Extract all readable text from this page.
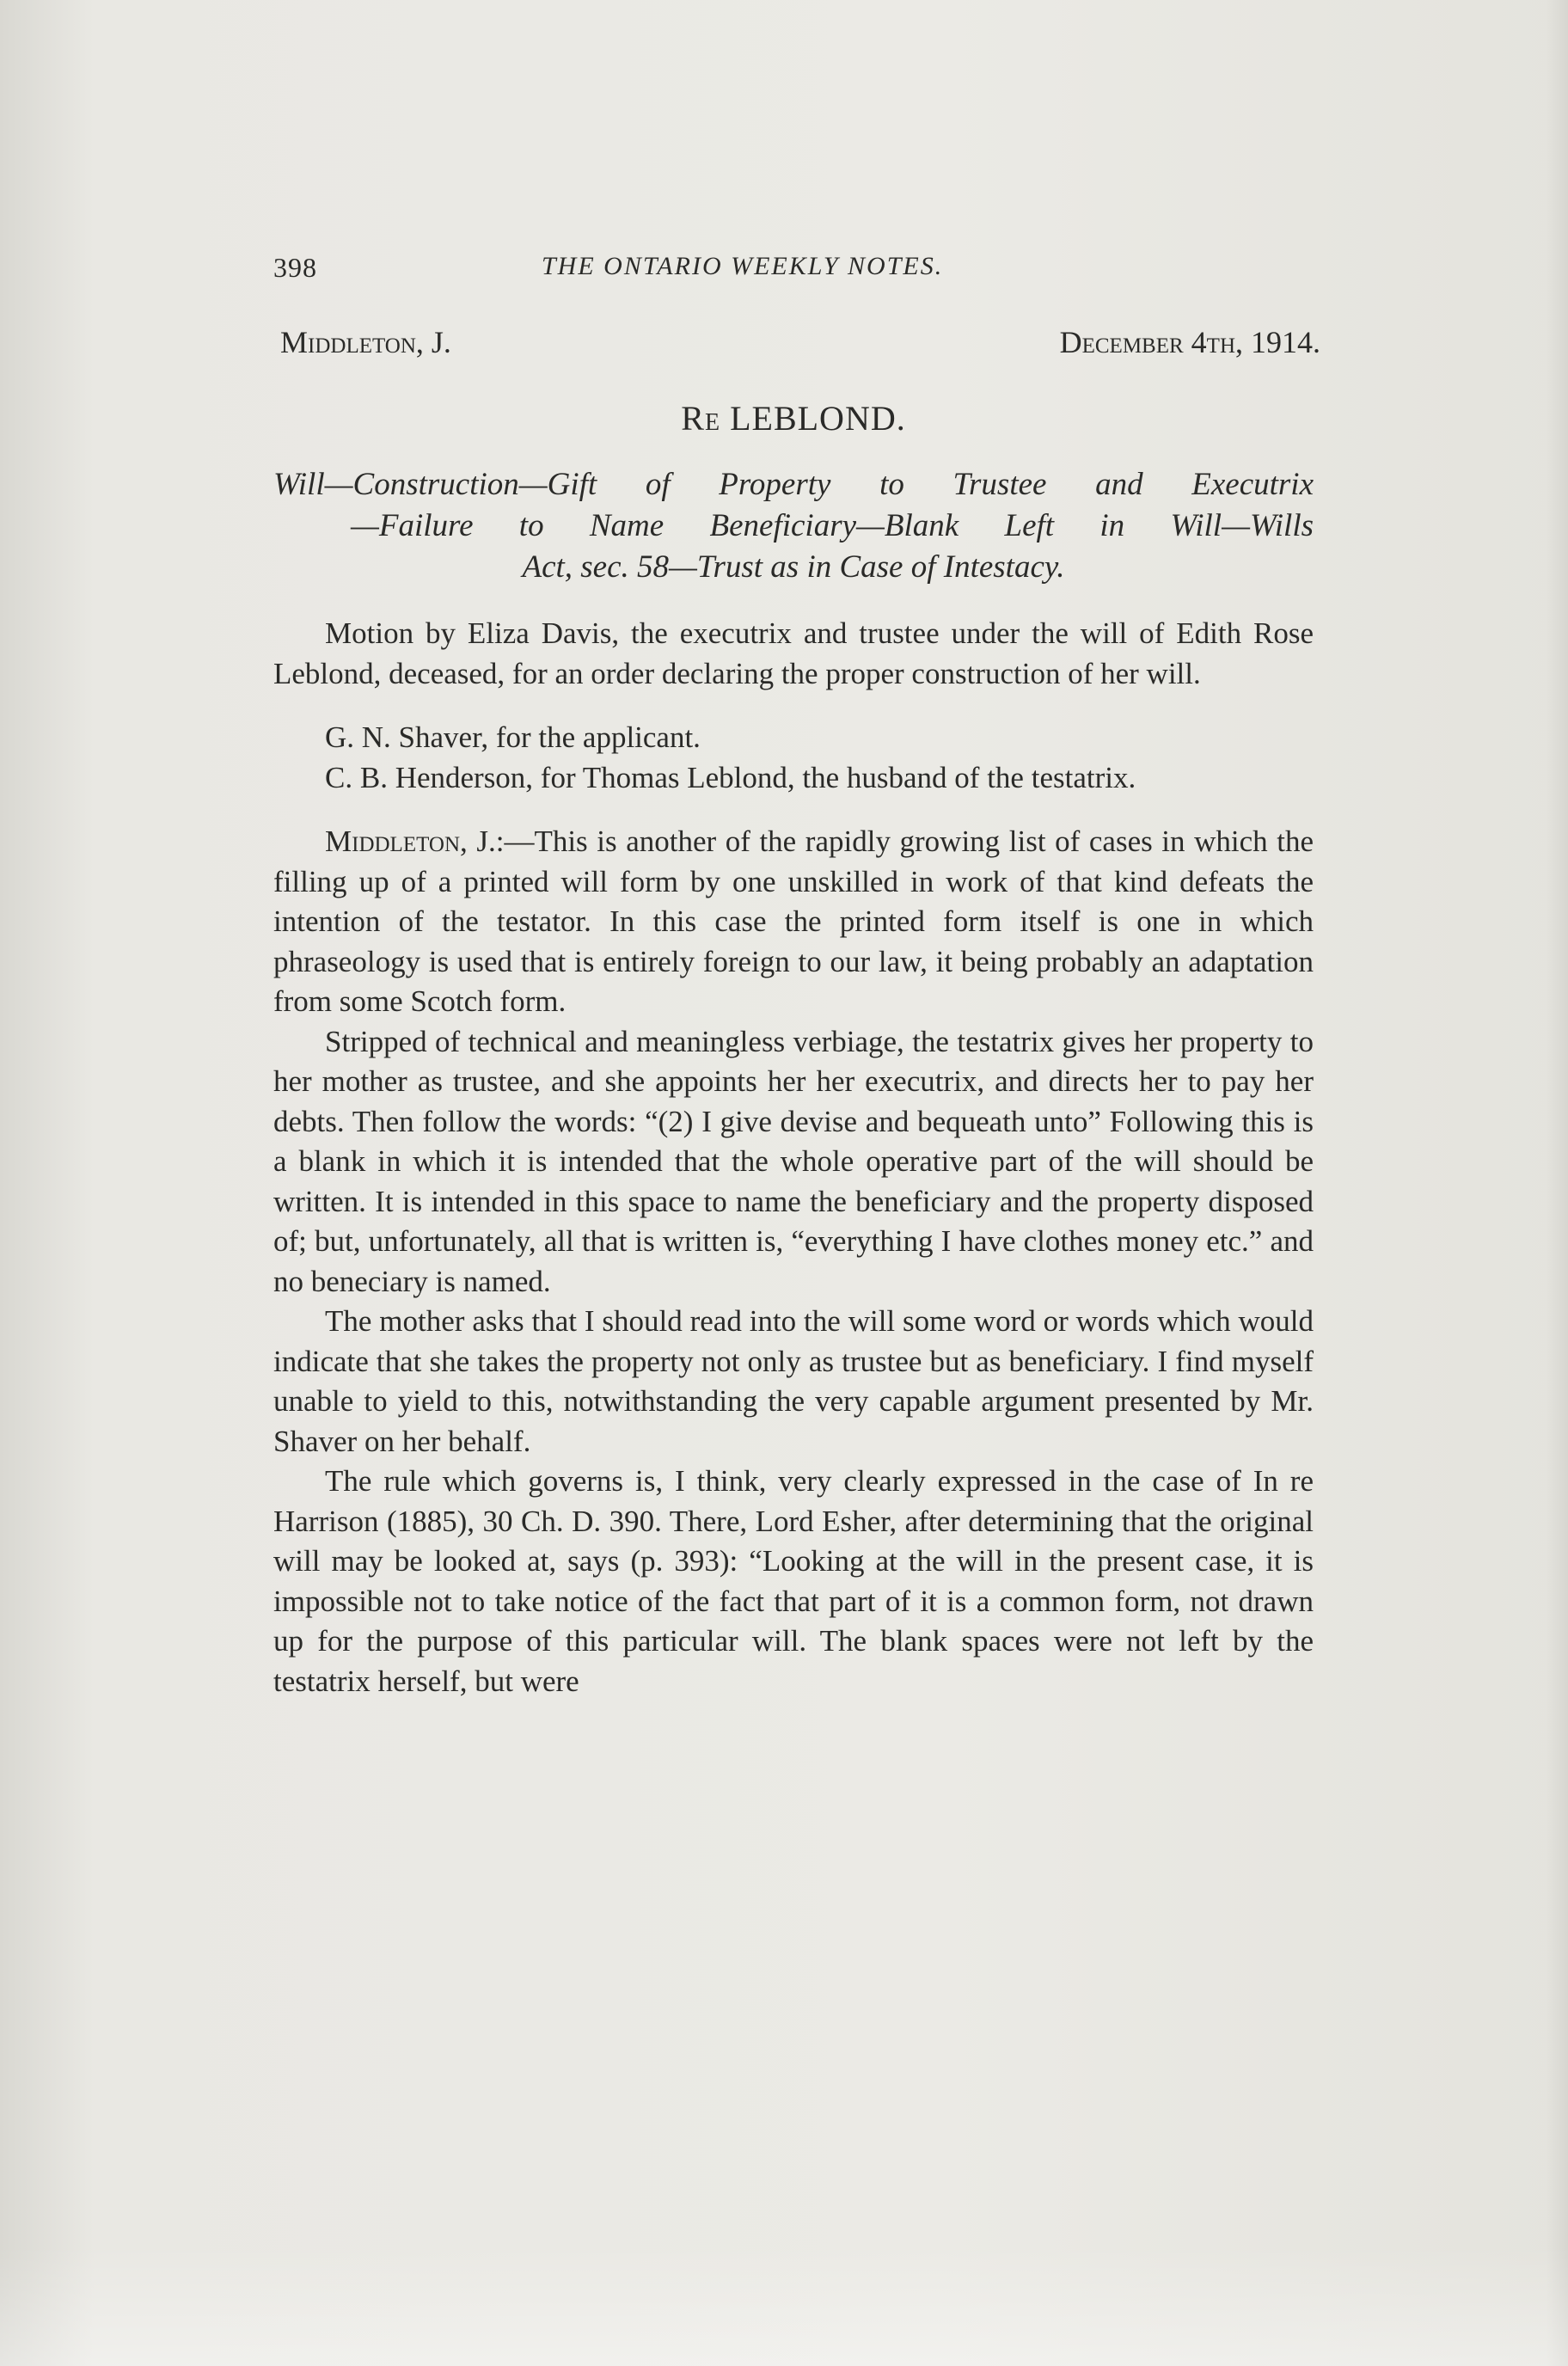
398	THE ONTARIO WEEKLY NOTES.
Middleton, J.	December 4th, 1914.
Re LEBLOND.

Will—Construction—Gift of Property to Trustee and Executrix

—Failure to Name Beneficiary—Blank Left in Will—Wills

Act, sec. 58—Trust as in Case of Intestacy.

Motion by Eliza Davis, the executrix and trustee under the will of Edith Rose Leblond, deceased, for an order declaring the proper construction of her will.

G. N. Shaver, for the applicant.

C. B. Henderson, for Thomas Leblond, the husband of the testatrix.

Middleton, J.:—This is another of the rapidly growing list of cases in which the filling up of a printed will form by one unskilled in work of that kind defeats the intention of the testator. In this case the printed form itself is one in which phraseology is used that is entirely foreign to our law, it being probably an adaptation from some Scotch form.

Stripped of technical and meaningless verbiage, the testatrix gives her property to her mother as trustee, and she appoints her her executrix, and directs her to pay her debts. Then follow the words: “(2) I give devise and bequeath unto” Following this is a blank in which it is intended that the whole operative part of the will should be written. It is intended in this space to name the beneficiary and the property disposed of; but, unfortunately, all that is written is, “everything I have clothes money etc.” and no beneciary is named.

The mother asks that I should read into the will some word or words which would indicate that she takes the property not only as trustee but as beneficiary. I find myself unable to yield to this, notwithstanding the very capable argument presented by Mr. Shaver on her behalf.

The rule which governs is, I think, very clearly expressed in the case of In re Harrison (1885), 30 Ch. D. 390. There, Lord Esher, after determining that the original will may be looked at, says (p. 393): “Looking at the will in the present case, it is impossible not to take notice of the fact that part of it is a common form, not drawn up for the purpose of this particular will. The blank spaces were not left by the testatrix herself, but were
